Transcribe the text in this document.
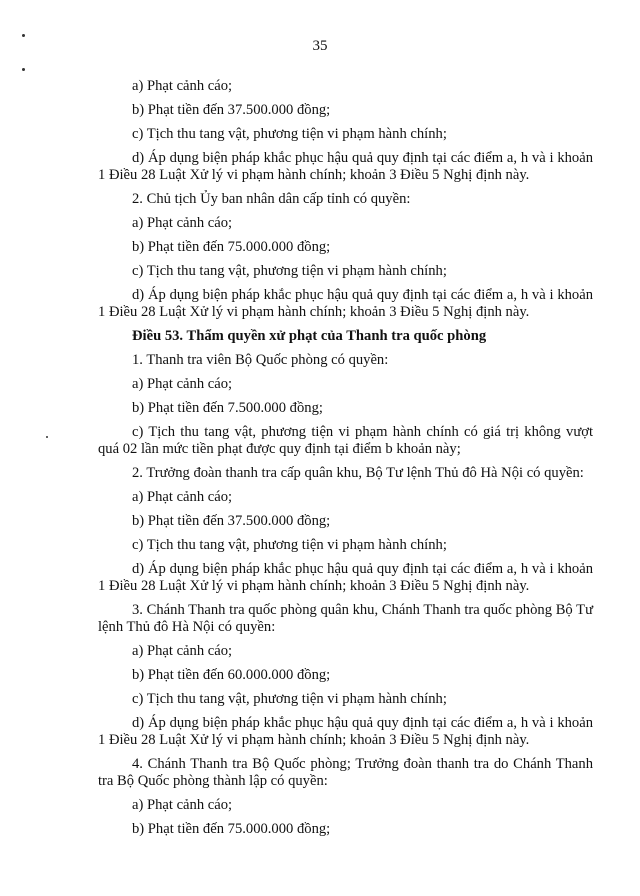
35
a) Phạt cảnh cáo;
b) Phạt tiền đến 37.500.000 đồng;
c) Tịch thu tang vật, phương tiện vi phạm hành chính;
d) Áp dụng biện pháp khắc phục hậu quả quy định tại các điểm a, h và i khoản 1 Điều 28 Luật Xử lý vi phạm hành chính; khoản 3 Điều 5 Nghị định này.
2. Chủ tịch Ủy ban nhân dân cấp tỉnh có quyền:
a) Phạt cảnh cáo;
b) Phạt tiền đến 75.000.000 đồng;
c) Tịch thu tang vật, phương tiện vi phạm hành chính;
d) Áp dụng biện pháp khắc phục hậu quả quy định tại các điểm a, h và i khoản 1 Điều 28 Luật Xử lý vi phạm hành chính; khoản 3 Điều 5 Nghị định này.
Điều 53. Thẩm quyền xử phạt của Thanh tra quốc phòng
1. Thanh tra viên Bộ Quốc phòng có quyền:
a) Phạt cảnh cáo;
b) Phạt tiền đến 7.500.000 đồng;
c) Tịch thu tang vật, phương tiện vi phạm hành chính có giá trị không vượt quá 02 lần mức tiền phạt được quy định tại điểm b khoản này;
2. Trưởng đoàn thanh tra cấp quân khu, Bộ Tư lệnh Thủ đô Hà Nội có quyền:
a) Phạt cảnh cáo;
b) Phạt tiền đến 37.500.000 đồng;
c) Tịch thu tang vật, phương tiện vi phạm hành chính;
d) Áp dụng biện pháp khắc phục hậu quả quy định tại các điểm a, h và i khoản 1 Điều 28 Luật Xử lý vi phạm hành chính; khoản 3 Điều 5 Nghị định này.
3. Chánh Thanh tra quốc phòng quân khu, Chánh Thanh tra quốc phòng Bộ Tư lệnh Thủ đô Hà Nội có quyền:
a) Phạt cảnh cáo;
b) Phạt tiền đến 60.000.000 đồng;
c) Tịch thu tang vật, phương tiện vi phạm hành chính;
d) Áp dụng biện pháp khắc phục hậu quả quy định tại các điểm a, h và i khoản 1 Điều 28 Luật Xử lý vi phạm hành chính; khoản 3 Điều 5 Nghị định này.
4. Chánh Thanh tra Bộ Quốc phòng; Trưởng đoàn thanh tra do Chánh Thanh tra Bộ Quốc phòng thành lập có quyền:
a) Phạt cảnh cáo;
b) Phạt tiền đến 75.000.000 đồng;
